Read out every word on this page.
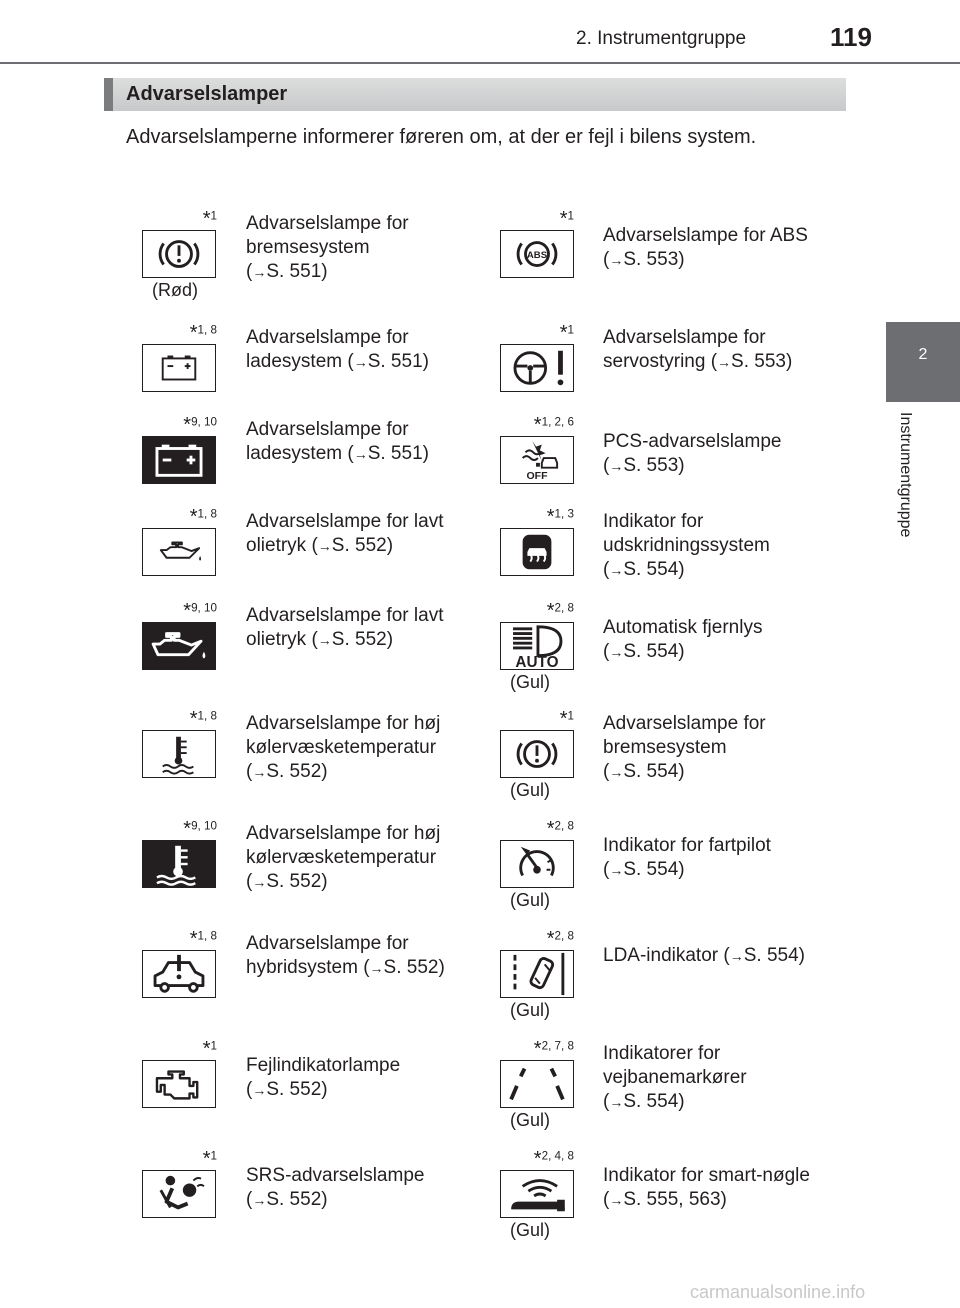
2. Instrumentgruppe	119
2
Instrumentgruppe
Advarselslamper
Advarselslamperne informerer føreren om, at der er fejl i bilens system.
*$^1$
(Rød)
Advarselslampe for
bremsesystem
(→S. 551)
*$^1$
ABS
Advarselslampe for ABS
(→S. 553)
*$^{1, 8}$ Advarselslampe for
ladesystem (→S. 551)
*$^1$ Advarselslampe for
servostyring (→S. 553)
*$^{9, 10}$ Advarselslampe for
ladesystem (→S. 551)
*$^{1, 2, 6}$
OFF
PCS-advarselslampe
(→S. 553)
*$^{1, 8}$ Advarselslampe for lavt
olietryk (→S. 552)
*$^{1, 3}$ Indikator for
udskridningssystem
(→S. 554)
*$^{9, 10}$ Advarselslampe for lavt
olietryk (→S. 552)
*$^{2, 8}$
AUTO
(Gul)
Automatisk fjernlys
(→S. 554)
*$^{1, 8}$ Advarselslampe for høj
kølervæsketemperatur
(→S. 552)
*$^1$
(Gul)
Advarselslampe for
bremsesystem
(→S. 554)
*$^{9, 10}$ Advarselslampe for høj
kølervæsketemperatur
(→S. 552)
*$^{2, 8}$
(Gul)
Indikator for fartpilot
(→S. 554)
*$^{1, 8}$ Advarselslampe for
hybridsystem (→S. 552)
*$^{2, 8}$
(Gul)
LDA-indikator (→S. 554)
*$^1$
Fejlindikatorlampe
(→S. 552)
*$^{2, 7, 8}$
(Gul)
Indikatorer for
vejbanemarkører
(→S. 554)
*$^1$
SRS-advarselslampe
(→S. 552)
*$^{2, 4, 8}$
(Gul)
Indikator for smart-nøgle
(→S. 555, 563)
carmanualsonline.info
